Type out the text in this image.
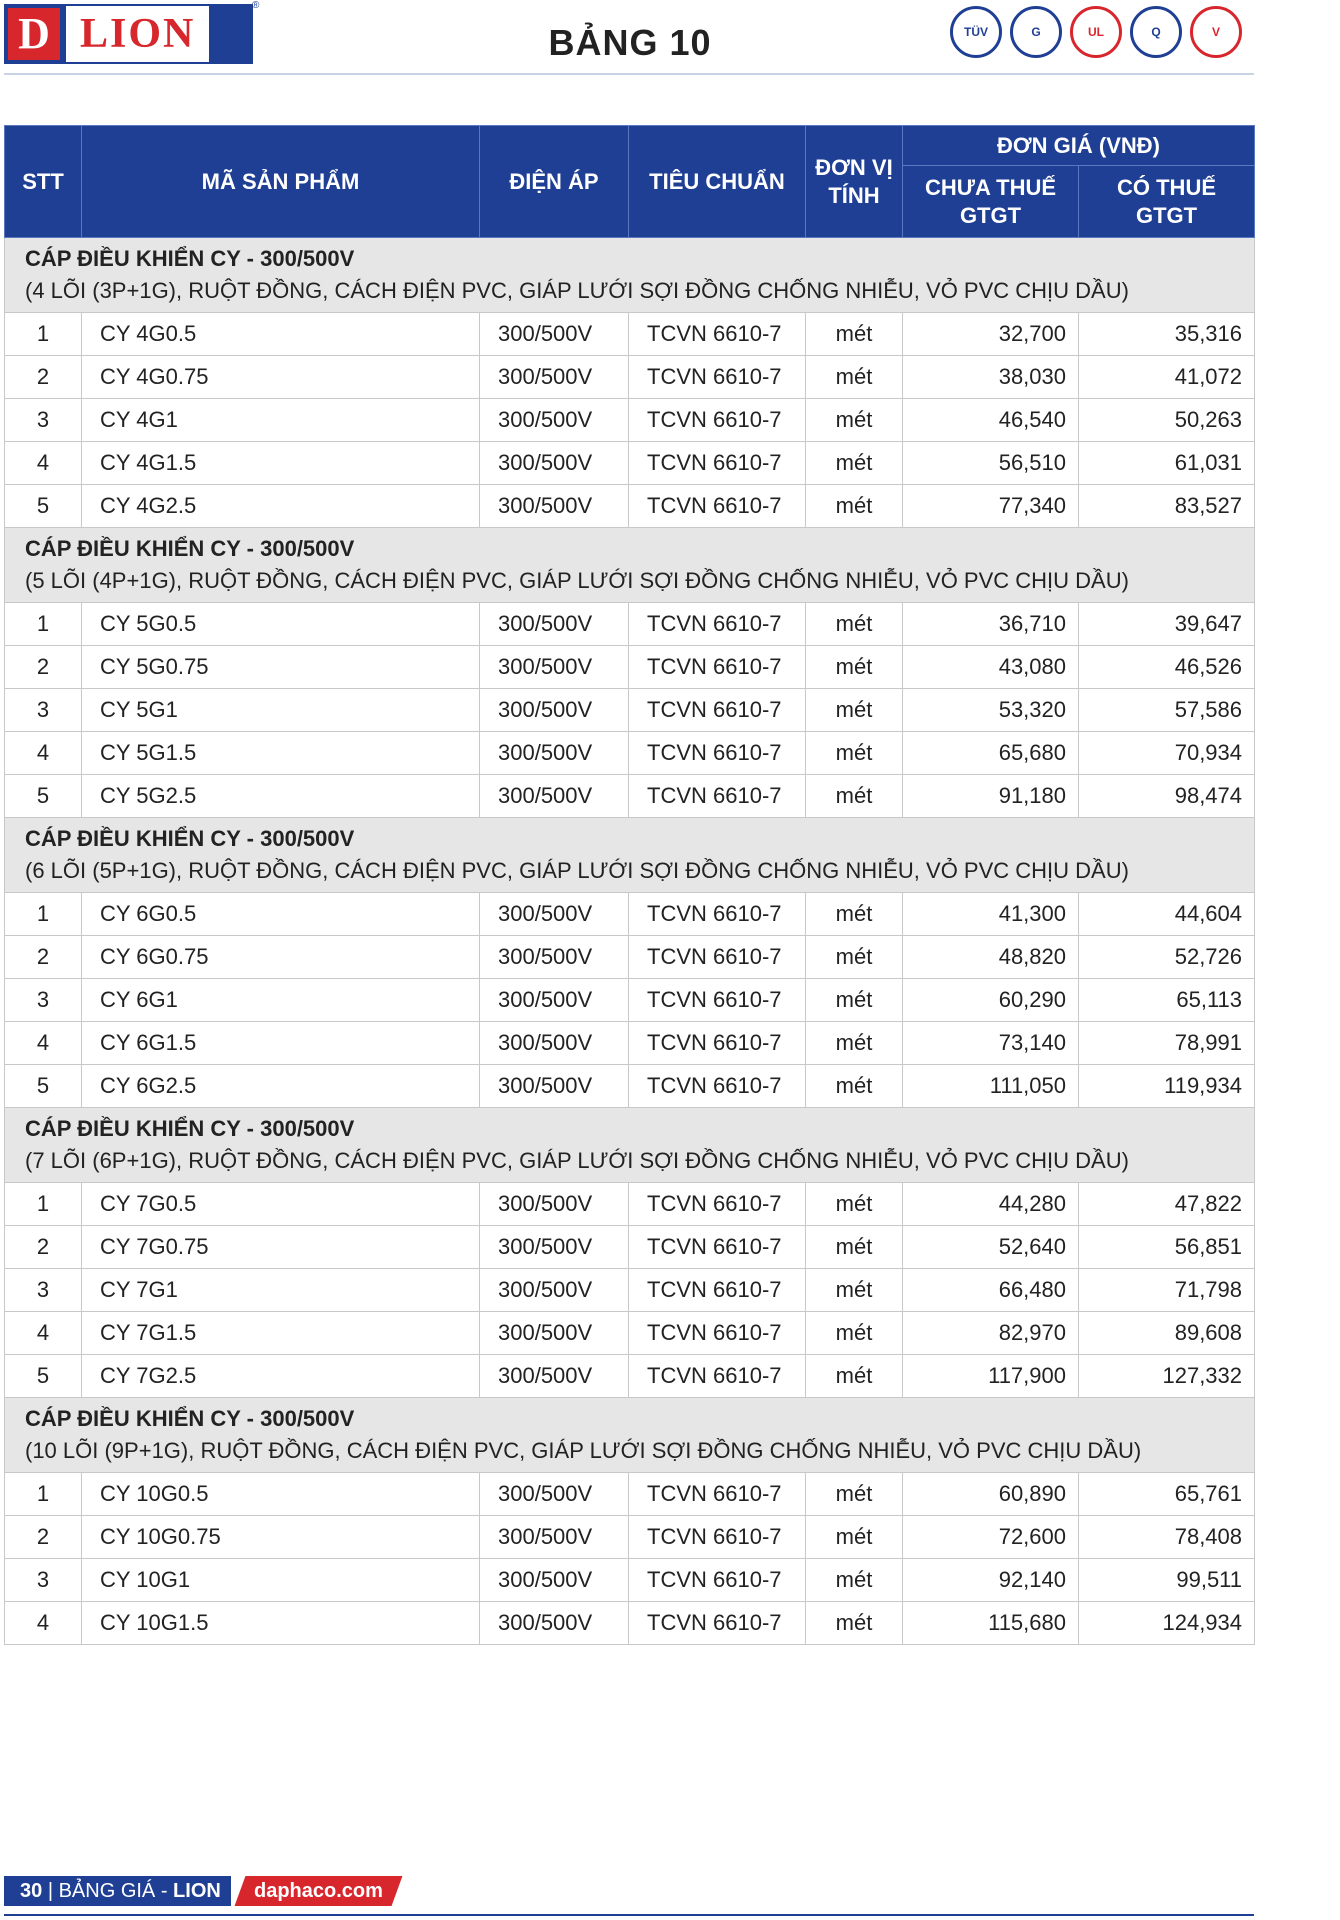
D LION
®
BẢNG 10	TÜV	G	UL	Q	V
STT	MÃ SẢN PHẨM	ĐIỆN ÁP	TIÊU CHUẨN	ĐƠN VỊ TÍNH	ĐƠN GIÁ (VNĐ)	
					CHƯA THUẾ GTGT	CÓ THUẾ GTGT

CÁP ĐIỀU KHIỂN CY - 300/500V
(4 LÕI (3P+1G), RUỘT ĐỒNG, CÁCH ĐIỆN PVC, GIÁP LƯỚI SỢI ĐỒNG CHỐNG NHIỄU, VỎ PVC CHỊU DẦU)						

1	CY 4G0.5	300/500V	TCVN 6610-7	mét	32,700	35,316
2	CY 4G0.75	300/500V	TCVN 6610-7	mét	38,030	41,072
3	CY 4G1	300/500V	TCVN 6610-7	mét	46,540	50,263
4	CY 4G1.5	300/500V	TCVN 6610-7	mét	56,510	61,031
5	CY 4G2.5	300/500V	TCVN 6610-7	mét	77,340	83,527

CÁP ĐIỀU KHIỂN CY - 300/500V
(5 LÕI (4P+1G), RUỘT ĐỒNG, CÁCH ĐIỆN PVC, GIÁP LƯỚI SỢI ĐỒNG CHỐNG NHIỄU, VỎ PVC CHỊU DẦU)						

1	CY 5G0.5	300/500V	TCVN 6610-7	mét	36,710	39,647
2	CY 5G0.75	300/500V	TCVN 6610-7	mét	43,080	46,526
3	CY 5G1	300/500V	TCVN 6610-7	mét	53,320	57,586
4	CY 5G1.5	300/500V	TCVN 6610-7	mét	65,680	70,934
5	CY 5G2.5	300/500V	TCVN 6610-7	mét	91,180	98,474

CÁP ĐIỀU KHIỂN CY - 300/500V
(6 LÕI (5P+1G), RUỘT ĐỒNG, CÁCH ĐIỆN PVC, GIÁP LƯỚI SỢI ĐỒNG CHỐNG NHIỄU, VỎ PVC CHỊU DẦU)						

1	CY 6G0.5	300/500V	TCVN 6610-7	mét	41,300	44,604
2	CY 6G0.75	300/500V	TCVN 6610-7	mét	48,820	52,726
3	CY 6G1	300/500V	TCVN 6610-7	mét	60,290	65,113
4	CY 6G1.5	300/500V	TCVN 6610-7	mét	73,140	78,991
5	CY 6G2.5	300/500V	TCVN 6610-7	mét	111,050	119,934

CÁP ĐIỀU KHIỂN CY - 300/500V
(7 LÕI (6P+1G), RUỘT ĐỒNG, CÁCH ĐIỆN PVC, GIÁP LƯỚI SỢI ĐỒNG CHỐNG NHIỄU, VỎ PVC CHỊU DẦU)						

1	CY 7G0.5	300/500V	TCVN 6610-7	mét	44,280	47,822
2	CY 7G0.75	300/500V	TCVN 6610-7	mét	52,640	56,851
3	CY 7G1	300/500V	TCVN 6610-7	mét	66,480	71,798
4	CY 7G1.5	300/500V	TCVN 6610-7	mét	82,970	89,608
5	CY 7G2.5	300/500V	TCVN 6610-7	mét	117,900	127,332

CÁP ĐIỀU KHIỂN CY - 300/500V
(10 LÕI (9P+1G), RUỘT ĐỒNG, CÁCH ĐIỆN PVC, GIÁP LƯỚI SỢI ĐỒNG CHỐNG NHIỄU, VỎ PVC CHỊU DẦU)						

1	CY 10G0.5	300/500V	TCVN 6610-7	mét	60,890	65,761
2	CY 10G0.75	300/500V	TCVN 6610-7	mét	72,600	78,408
3	CY 10G1	300/500V	TCVN 6610-7	mét	92,140	99,511
4	CY 10G1.5	300/500V	TCVN 6610-7	mét	115,680	124,934
30 | BẢNG GIÁ - LION	daphaco.com
